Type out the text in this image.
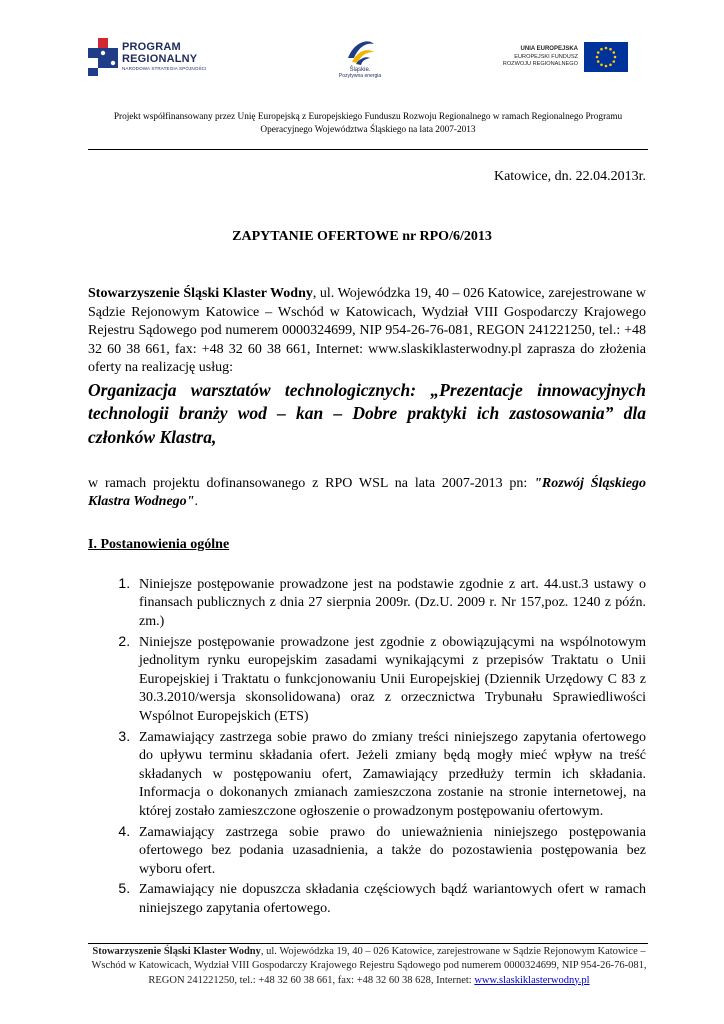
PROGRAM
REGIONALNY
NARODOWA STRATEGIA SPÓJNOŚCI	Śląskie.
Pozytywna energia
UNIA EUROPEJSKA
EUROPEJSKI FUNDUSZ
ROZWOJU REGIONALNEGO
Projekt współfinansowany przez Unię Europejską z Europejskiego Funduszu Rozwoju Regionalnego w ramach Regionalnego Programu Operacyjnego Województwa Śląskiego na lata 2007-2013
Katowice, dn. 22.04.2013r.
ZAPYTANIE OFERTOWE nr RPO/6/2013
Stowarzyszenie Śląski Klaster Wodny, ul. Wojewódzka 19, 40 – 026 Katowice, zarejestrowane w Sądzie Rejonowym Katowice – Wschód w Katowicach, Wydział VIII Gospodarczy Krajowego Rejestru Sądowego pod numerem 0000324699, NIP 954-26-76-081, REGON 241221250, tel.: +48 32 60 38 661, fax: +48 32 60 38 661, Internet: www.slaskiklasterwodny.pl zaprasza do złożenia oferty na realizację usług:
Organizacja warsztatów technologicznych: „Prezentacje innowacyjnych technologii branży wod – kan – Dobre praktyki ich zastosowania” dla członków Klastra,
w ramach projektu dofinansowanego z RPO WSL na lata 2007-2013 pn: "Rozwój Śląskiego Klastra Wodnego".
I. Postanowienia ogólne
1. Niniejsze postępowanie prowadzone jest na podstawie zgodnie z art. 44.ust.3 ustawy o finansach publicznych z dnia 27 sierpnia 2009r. (Dz.U. 2009 r. Nr 157,poz. 1240 z późn. zm.)
2. Niniejsze postępowanie prowadzone jest zgodnie z obowiązującymi na wspólnotowym jednolitym rynku europejskim zasadami wynikającymi z przepisów Traktatu o Unii Europejskiej i Traktatu o funkcjonowaniu Unii Europejskiej (Dziennik Urzędowy C 83 z 30.3.2010/wersja skonsolidowana) oraz z orzecznictwa Trybunału Sprawiedliwości Wspólnot Europejskich (ETS)
3. Zamawiający zastrzega sobie prawo do zmiany treści niniejszego zapytania ofertowego do upływu terminu składania ofert. Jeżeli zmiany będą mogły mieć wpływ na treść składanych w postępowaniu ofert, Zamawiający przedłuży termin ich składania. Informacja o dokonanych zmianach zamieszczona zostanie na stronie internetowej, na której zostało zamieszczone ogłoszenie o prowadzonym postępowaniu ofertowym.
4. Zamawiający zastrzega sobie prawo do unieważnienia niniejszego postępowania ofertowego bez podania uzasadnienia, a także do pozostawienia postępowania bez wyboru ofert.
5. Zamawiający nie dopuszcza składania częściowych bądź wariantowych ofert w ramach niniejszego zapytania ofertowego.
Stowarzyszenie Śląski Klaster Wodny, ul. Wojewódzka 19, 40 – 026 Katowice, zarejestrowane w Sądzie Rejonowym Katowice – Wschód w Katowicach, Wydział VIII Gospodarczy Krajowego Rejestru Sądowego pod numerem 0000324699, NIP 954-26-76-081, REGON 241221250, tel.: +48 32 60 38 661, fax: +48 32 60 38 628, Internet: www.slaskiklasterwodny.pl
